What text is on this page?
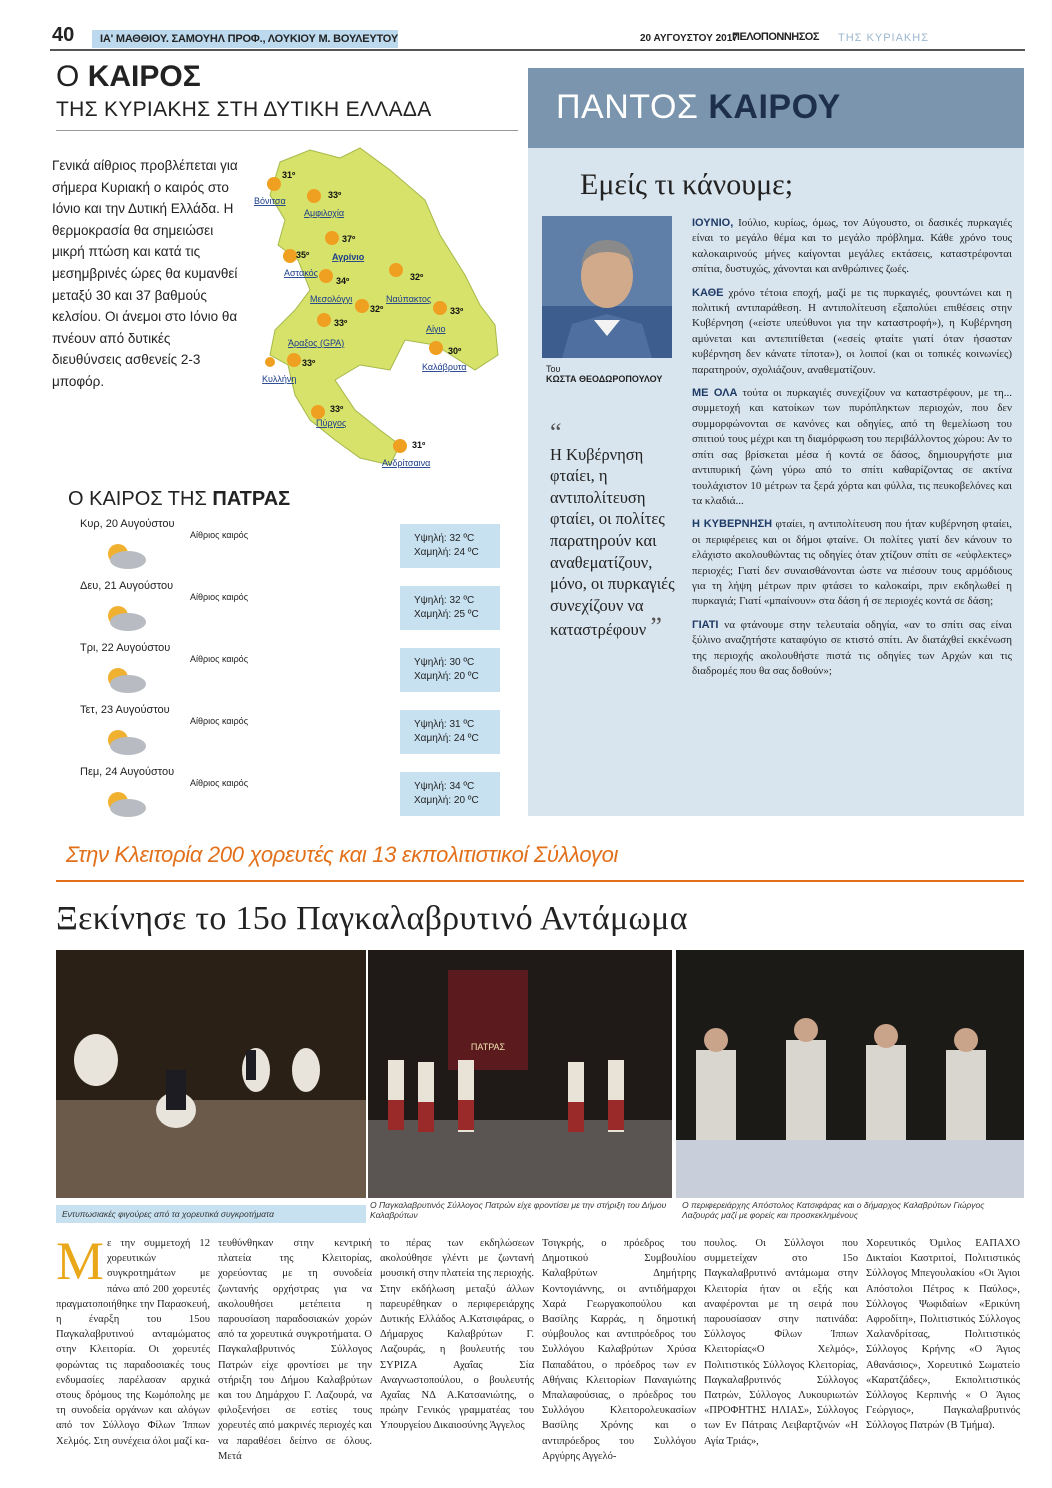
40	ΙΑ' ΜΑΘΘΙΟΥ. ΣΑΜΟΥΗΛ ΠΡΟΦ., ΛΟΥΚΙΟΥ Μ. ΒΟΥΛΕΥΤΟΥ	20 ΑΥΓΟΥΣΤΟΥ 2017
ΠΕΛΟΠΟΝΝΗΣΟΣ ΤΗΣ ΚΥΡΙΑΚΗΣ
Ο ΚΑΙΡΟΣ
ΤΗΣ ΚΥΡΙΑΚΗΣ ΣΤΗ ΔΥΤΙΚΗ ΕΛΛΑΔΑ
Γενικά αίθριος προβλέπεται για σήμερα Κυριακή ο καιρός στο Ιόνιο και την Δυτική Ελλάδα. Η θερμοκρασία θα σημειώσει μικρή πτώση και κατά τις μεσημβρινές ώρες θα κυμανθεί μεταξύ 30 και 37 βαθμούς κελσίου. Οι άνεμοι στο Ιόνιο θα πνέουν από δυτικές διευθύνσεις ασθενείς 2-3 μποφόρ.
31º
Βόνιτσα
33º
Αμφιλοχία
37º
Αγρίνιο
35º
Αστακός
34º
Μεσολόγγι
32º
Ναύπακτος
32º	33º
Αίγιο
33º
33º
Άραξος (GPA)
30º
Καλάβρυτα
Κυλλήνη
33º
Πύργος
31º
Ανδρίτσαινα
Ο ΚΑΙΡΟΣ ΤΗΣ ΠΑΤΡΑΣ
Κυρ, 20 Αυγούστου
Αίθριος καιρός	Υψηλή: 32 ºC
Χαμηλή: 24 ºC
Δευ, 21 Αυγούστου
Αίθριος καιρός	Υψηλή: 32 ºC
Χαμηλή: 25 ºC
Τρι, 22 Αυγούστου
Αίθριος καιρός	Υψηλή: 30 ºC
Χαμηλή: 20 ºC
Τετ, 23 Αυγούστου
Αίθριος καιρός	Υψηλή: 31 ºC
Χαμηλή: 24 ºC
Πεμ, 24 Αυγούστου
Αίθριος καιρός	Υψηλή: 34 ºC
Χαμηλή: 20 ºC
ΠΑΝΤΟΣ ΚΑΙΡΟΥ
Εμείς τι κάνουμε;
Του
ΚΩΣΤΑ ΘΕΟΔΩΡΟΠΟΥΛΟΥ
“
Η Κυβέρνηση φταίει, η αντιπολίτευση φταίει, οι πολίτες παρατηρούν και αναθεματίζουν, μόνο, οι πυρκαγιές συνεχίζουν να καταστρέφουν ”

ΙΟΥΝΙΟ, Ιούλιο, κυρίως, όμως, τον Αύγουστο, οι δασικές πυρκαγιές είναι το μεγάλο θέμα και το μεγάλο πρόβλημα. Κάθε χρόνο τους καλοκαιρινούς μήνες καίγονται μεγάλες εκτάσεις, καταστρέφονται σπίτια, δυστυχώς, χάνονται και ανθρώπινες ζωές.

ΚΑΘΕ χρόνο τέτοια εποχή, μαζί με τις πυρκαγιές, φουντώνει και η πολιτική αντιπαράθεση. Η αντιπολίτευση εξαπολύει επιθέσεις στην Κυβέρνηση («είστε υπεύθυνοι για την καταστροφή»), η Κυβέρνηση αμύνεται και αντεπιτίθεται («εσείς φταίτε γιατί όταν ήσασταν κυβέρνηση δεν κάνατε τίποτα»), οι λοιποί (και οι τοπικές κοινωνίες) παρατηρούν, σχολιάζουν, αναθεματίζουν.

ΜΕ ΟΛΑ τούτα οι πυρκαγιές συνεχίζουν να καταστρέφουν, με τη... συμμετοχή και κατοίκων των πυρόπληκτων περιοχών, που δεν συμμορφώνονται σε κανόνες και οδηγίες, από τη θεμελίωση του σπιτιού τους μέχρι και τη διαμόρφωση του περιβάλλοντος χώρου: Αν το σπίτι σας βρίσκεται μέσα ή κοντά σε δάσος, δημιουργήστε μια αντιπυρική ζώνη γύρω από το σπίτι καθαρίζοντας σε ακτίνα τουλάχιστον 10 μέτρων τα ξερά χόρτα και φύλλα, τις πευκοβελόνες και τα κλαδιά...

Η ΚΥΒΕΡΝΗΣΗ φταίει, η αντιπολίτευση που ήταν κυβέρνηση φταίει, οι περιφέρειες και οι δήμοι φταίνε. Οι πολίτες γιατί δεν κάνουν το ελάχιστο ακολουθώντας τις οδηγίες όταν χτίζουν σπίτι σε «εύφλεκτες» περιοχές; Γιατί δεν συναισθάνονται ώστε να πιέσουν τους αρμόδιους για τη λήψη μέτρων πριν φτάσει το καλοκαίρι, πριν εκδηλωθεί η πυρκαγιά; Γιατί «μπαίνουν» στα δάση ή σε περιοχές κοντά σε δάση;

ΓΙΑΤΙ να φτάνουμε στην τελευταία οδηγία, «αν το σπίτι σας είναι ξύλινο αναζητήστε καταφύγιο σε κτιστό σπίτι. Αν διατάχθεί εκκένωση της περιοχής ακολουθήστε πιστά τις οδηγίες των Αρχών και τις διαδρομές που θα σας δοθούν»;

Στην Κλειτορία 200 χορευτές και 13 εκπολιτιστικοί Σύλλογοι
Ξεκίνησε το 15ο Παγκαλαβρυτινό Αντάμωμα
ΠΑΤΡΑΣ
Εντυπωσιακές φιγούρες από τα χορευτικά συγκροτήματα
Ο Παγκαλαβρυτινός Σύλλογος Πατρών είχε φροντίσει με την στήριξη του Δήμου Καλαβρύτων
Ο περιφερειάρχης Απόστολος Κατσιφάρας και ο δήμαρχος Καλαβρύτων Γιώργος Λαζουράς μαζί με φορείς και προσκεκλημένους
Με την συμμετοχή 12 χορευτικών συγκροτημάτων με πάνω από 200 χορευτές πραγματοποιήθηκε την Παρασκευή, η έναρξη του 15ου Παγκαλαβρυτινού ανταμώματος στην Κλειτορία. Οι χορευτές φορώντας τις παραδοσιακές τους ενδυμασίες παρέλασαν αρχικά στους δρόμους της Κωμόπολης με τη συνοδεία οργάνων και αλόγων από τον Σύλλογο Φίλων Ίππων Χελμός. Στη συνέχεια όλοι μαζί κα-
τευθύνθηκαν στην κεντρική πλατεία της Κλειτορίας, χορεύοντας με τη συνοδεία ζωντανής ορχήστρας για να ακολουθήσει μετέπειτα η παρουσίαση παραδοσιακών χορών από τα χορευτικά συγκροτήματα. Ο Παγκαλαβρυτινός Σύλλογος Πατρών είχε φροντίσει με την στήριξη του Δήμου Καλαβρύτων και του Δημάρχου Γ. Λαζουρά, να φιλοξενήσει σε εστίες τους χορευτές από μακρινές περιοχές και να παραθέσει δείπνο σε όλους. Μετά
το πέρας των εκδηλώσεων ακολούθησε γλέντι με ζωντανή μουσική στην πλατεία της περιοχής. Στην εκδήλωση μεταξύ άλλων παρευρέθηκαν ο περιφερειάρχης Δυτικής Ελλάδος Α.Κατσιφάρας, ο Δήμαρχος Καλαβρύτων Γ. Λαζουράς, η βουλευτής του ΣΥΡΙΖΑ Αχαΐας Σία Αναγνωστοπούλου, ο βουλευτής Αχαΐας ΝΔ Α.Κατσανιώτης, ο πρώην Γενικός γραμματέας του Υπουργείου Δικαιοσύνης Άγγελος
Τσιγκρής, ο πρόεδρος του Δημοτικού Συμβουλίου Καλαβρύτων Δημήτρης Κοντογιάννης, οι αντιδήμαρχοι Χαρά Γεωργακοπούλου και Βασίλης Καρράς, η δημοτική σύμβουλος και αντιπρόεδρος του Συλλόγου Καλαβρύτων Χρύσα Παπαδάτου, ο πρόεδρος των εν Αθήναις Κλειτορίων Παναγιώτης Μπαλαφούσιας, ο πρόεδρος του Συλλόγου Κλειτορολευκασίων Βασίλης Χρόνης και ο αντιπρόεδρος του Συλλόγου Αργύρης Αγγελό-
πουλος. Οι Σύλλογοι που συμμετείχαν στο 15ο Παγκαλαβρυτινό αντάμωμα στην Κλειτορία ήταν οι εξής και αναφέρονται με τη σειρά που παρουσίασαν στην πατινάδα: Σύλλογος Φίλων Ίππων Κλειτορίας«Ο Χελμός», Πολιτιστικός Σύλλογος Κλειτορίας, Παγκαλαβρυτινός Σύλλογος Πατρών, Σύλλογος Λυκουριωτών «ΠΡΟΦΗΤΗΣ ΗΛΙΑΣ», Σύλλογος των Εν Πάτραις Λειβαρτζινών «Η Αγία Τριάς»,
Χορευτικός Όμιλος ΕΑΠΑΧΟ Δικταίοι Καστριτοί, Πολιτιστικός Σύλλογος Μπεγουλακίου «Οι Άγιοι Απόστολοι Πέτρος κ Παύλος», Σύλλογος Ψωφιδαίων «Ερικύνη Αφροδίτη», Πολιτιστικός Σύλλογος Χαλανδρίτσας, Πολιτιστικός Σύλλογος Κρήνης «Ο Άγιος Αθανάσιος», Χορευτικό Σωματείο «Καρατζάδες», Εκπολιτιστικός Σύλλογος Κερπινής « Ο Άγιος Γεώργιος», Παγκαλαβρυτινός Σύλλογος Πατρών (Β Τμήμα).
